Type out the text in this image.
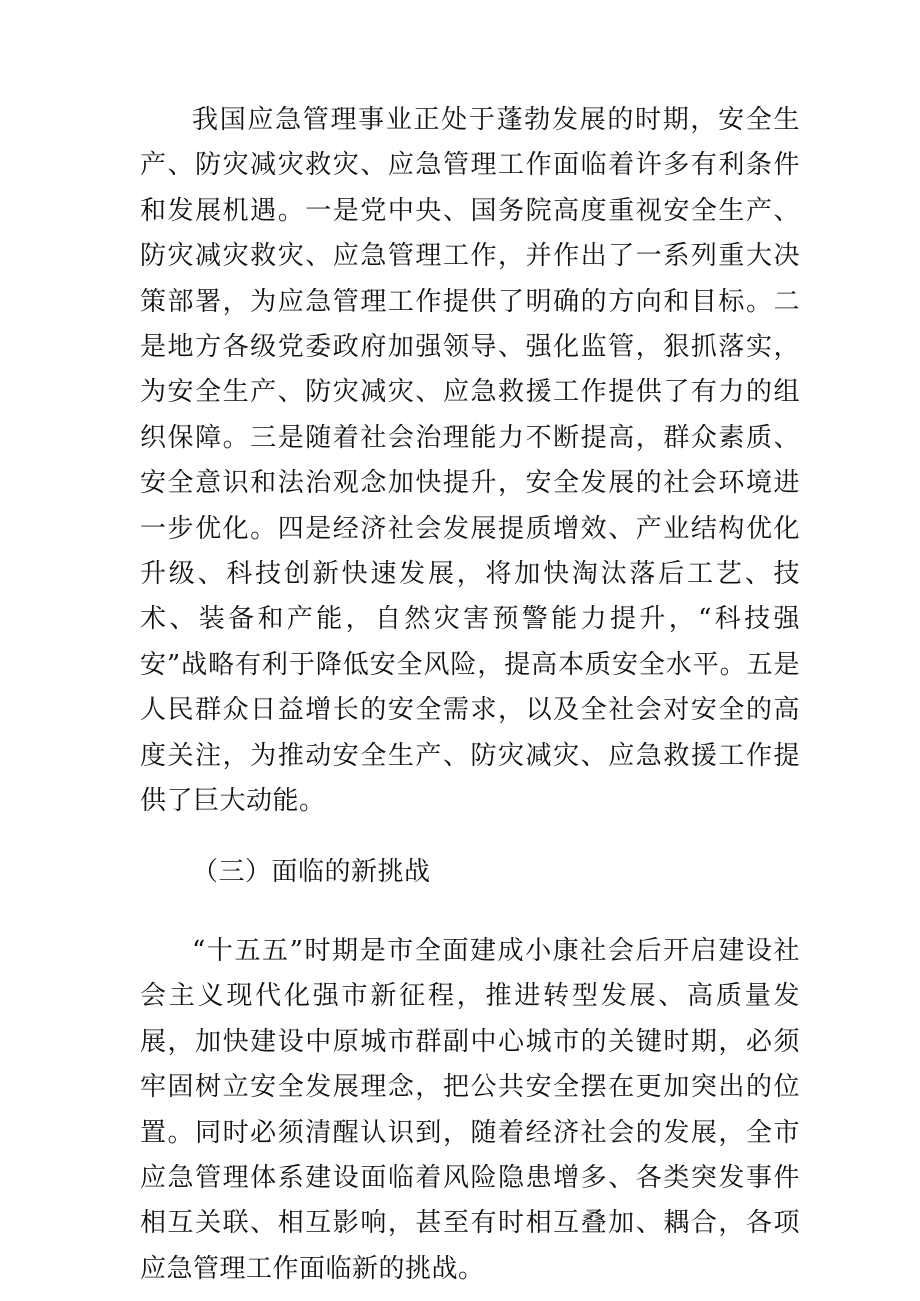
我国应急管理事业正处于蓬勃发展的时期，安全生产、防灾减灾救灾、应急管理工作面临着许多有利条件和发展机遇。一是党中央、国务院高度重视安全生产、防灾减灾救灾、应急管理工作，并作出了一系列重大决策部署，为应急管理工作提供了明确的方向和目标。二是地方各级党委政府加强领导、强化监管，狠抓落实，为安全生产、防灾减灾、应急救援工作提供了有力的组织保障。三是随着社会治理能力不断提高，群众素质、安全意识和法治观念加快提升，安全发展的社会环境进一步优化。四是经济社会发展提质增效、产业结构优化升级、科技创新快速发展，将加快淘汰落后工艺、技术、装备和产能，自然灾害预警能力提升，“科技强安”战略有利于降低安全风险，提高本质安全水平。五是人民群众日益增长的安全需求，以及全社会对安全的高度关注，为推动安全生产、防灾减灾、应急救援工作提供了巨大动能。

（三）面临的新挑战

“十五五”时期是市全面建成小康社会后开启建设社会主义现代化强市新征程，推进转型发展、高质量发展，加快建设中原城市群副中心城市的关键时期，必须牢固树立安全发展理念，把公共安全摆在更加突出的位置。同时必须清醒认识到，随着经济社会的发展，全市应急管理体系建设面临着风险隐患增多、各类突发事件相互关联、相互影响，甚至有时相互叠加、耦合，各项应急管理工作面临新的挑战。
